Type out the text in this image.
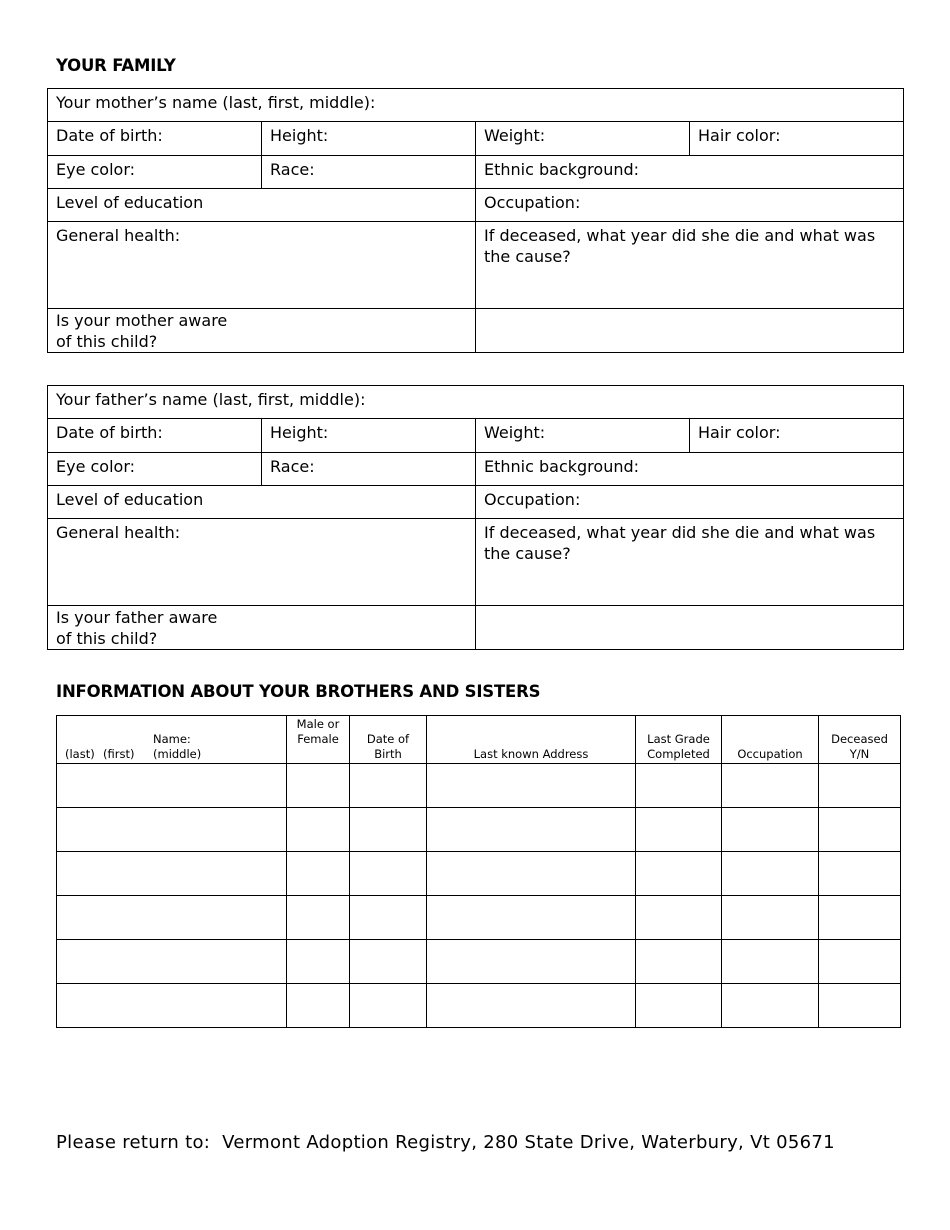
YOUR FAMILY
Your mother’s name (last, first, middle):			
Date of birth:	Height:	Weight:	Hair color:
Eye color:	Race:	Ethnic background:	
Level of education		Occupation:	
General health:		If deceased, what year did she die and what was
the cause?	

Is your mother aware
of this child?			

Your father’s name (last, first, middle):			
Date of birth:	Height:	Weight:	Hair color:
Eye color:	Race:	Ethnic background:	
Level of education		Occupation:	
General health:		If deceased, what year did she die and what was
the cause?	

Is your father aware
of this child?			

INFORMATION ABOUT YOUR BROTHERS AND SISTERS
Name:
(last) (first) (middle)	Male or
Female	Date of
Birth	Last known Address	Last Grade
Completed	Occupation	Deceased
Y/N

Please return to:  Vermont Adoption Registry, 280 State Drive, Waterbury, Vt 05671
